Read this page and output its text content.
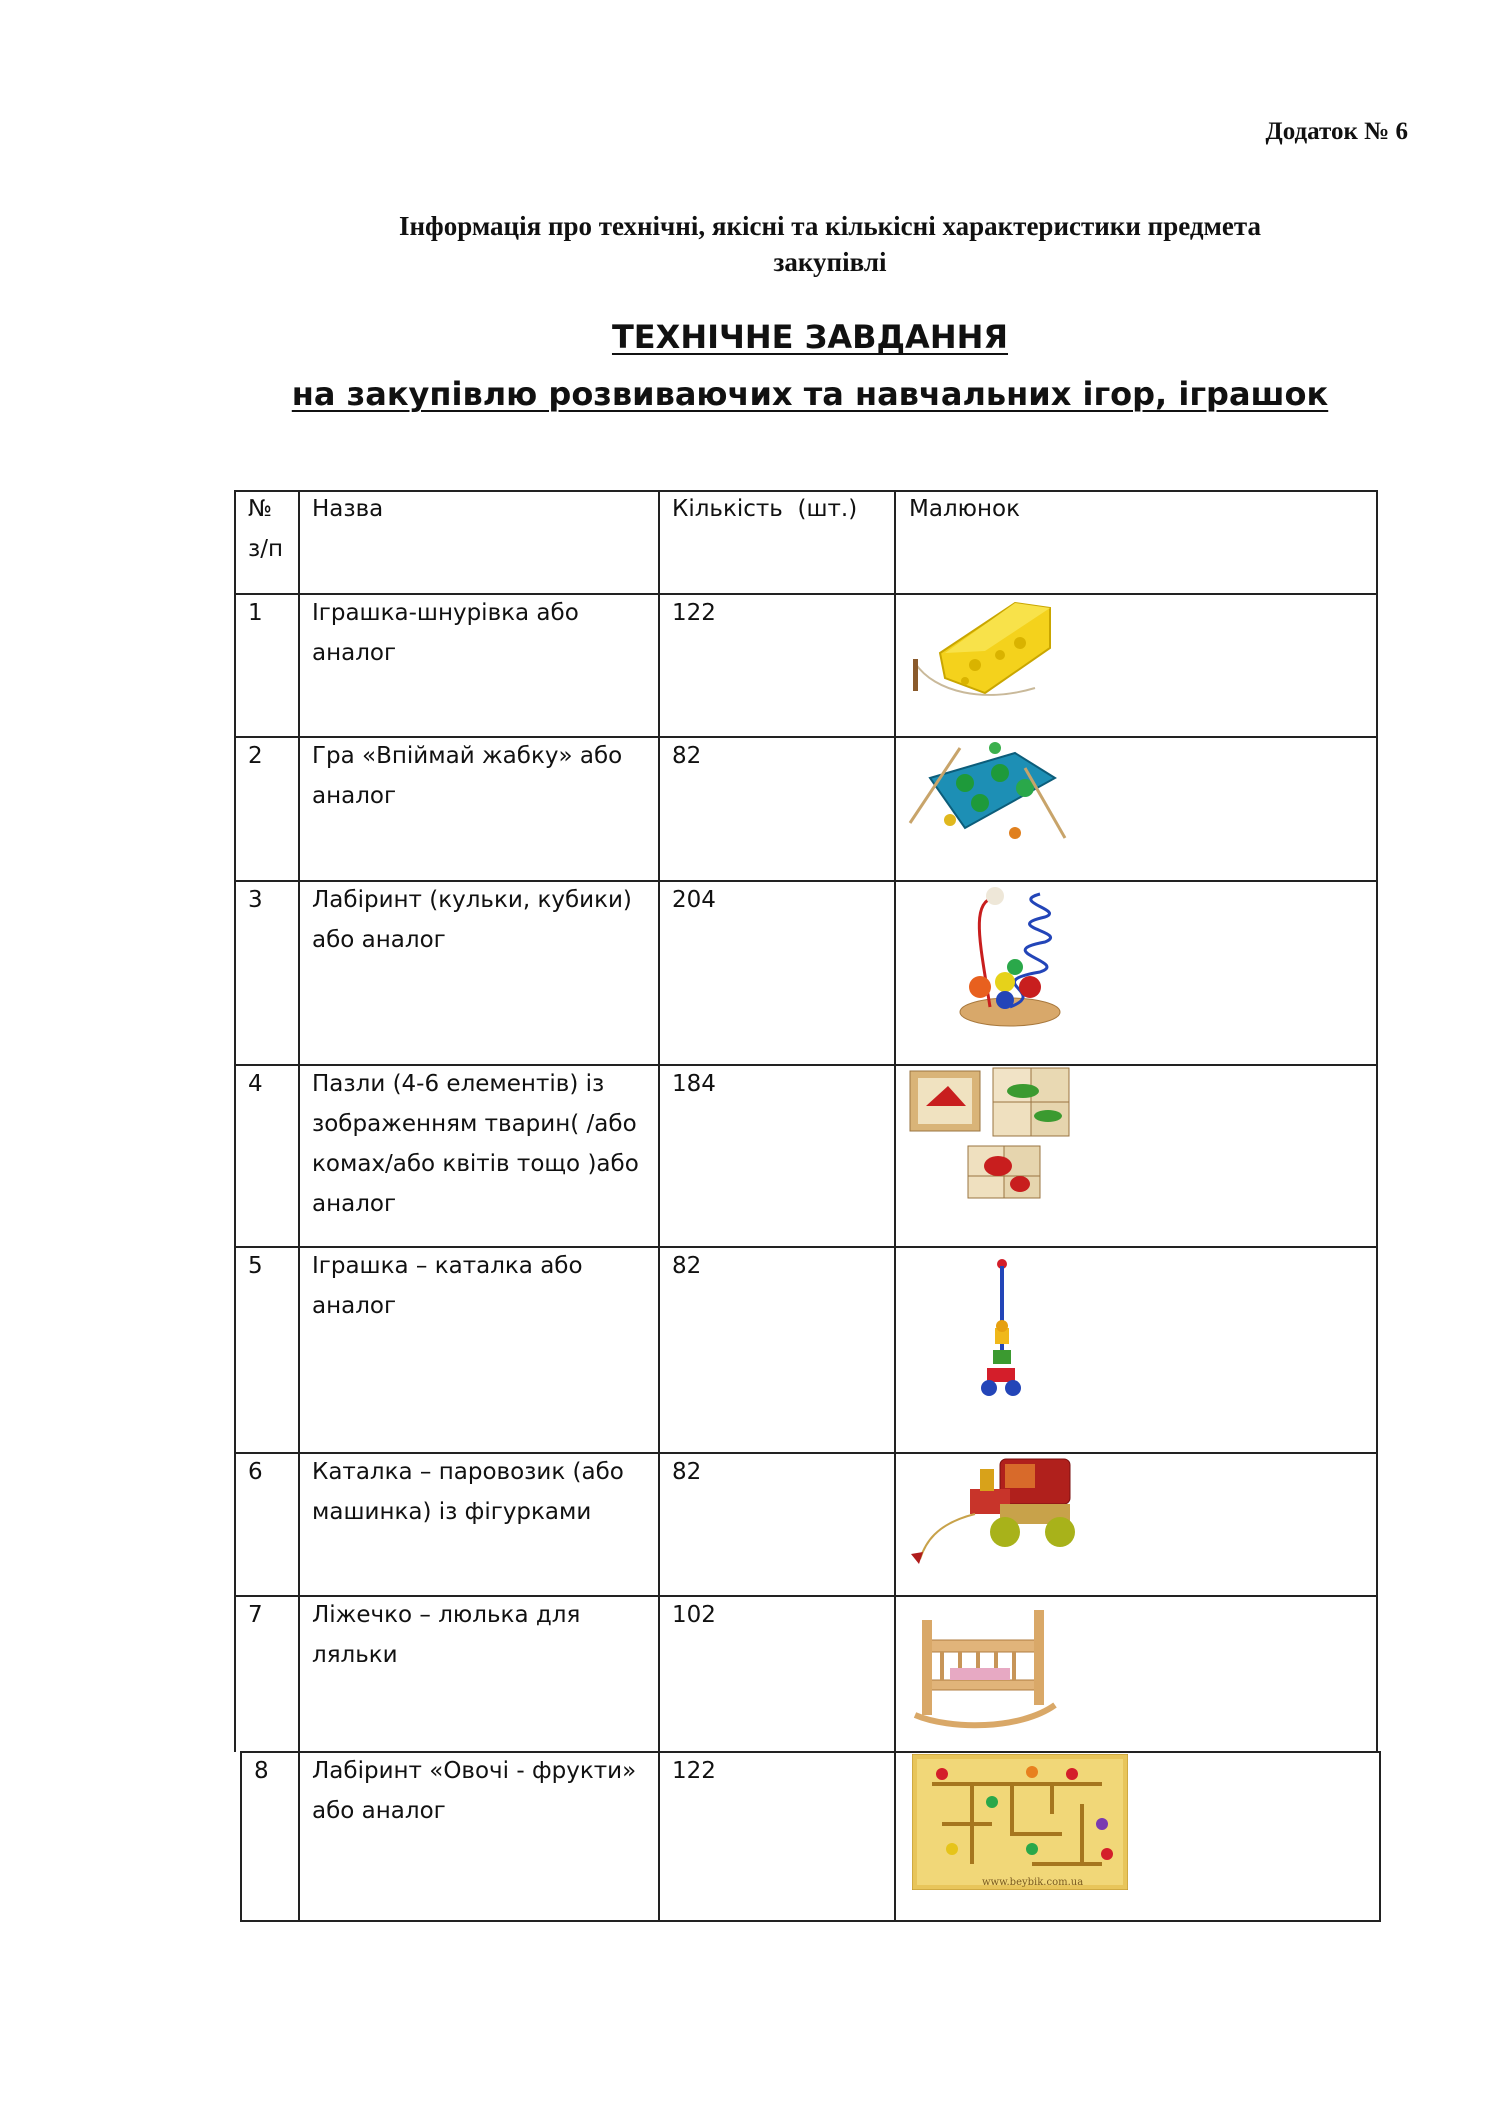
Додаток № 6
Інформація про технічні, якісні та кількісні характеристики предмета
закупівлі
ТЕХНІЧНЕ ЗАВДАННЯ
на закупівлю розвиваючих та навчальних ігор, іграшок
№
з/п
Назва	Кількість  (шт.) Малюнок
1 Іграшка-шнурівка або аналог
122
2 Гра «Впіймай жабку» або аналог
82
3 Лабіринт (кульки, кубики) або аналог
204
4 Пазли (4-6 елементів) із зображенням тварин( /або комах/або квітів тощо )або аналог
184
5 Іграшка – каталка або аналог
82
6 Каталка – паровозик (або машинка) із фігурками
82
7 Ліжечко – люлька для ляльки
102
8 Лабіринт «Овочі - фрукти» або аналог
122
www.beybik.com.ua
